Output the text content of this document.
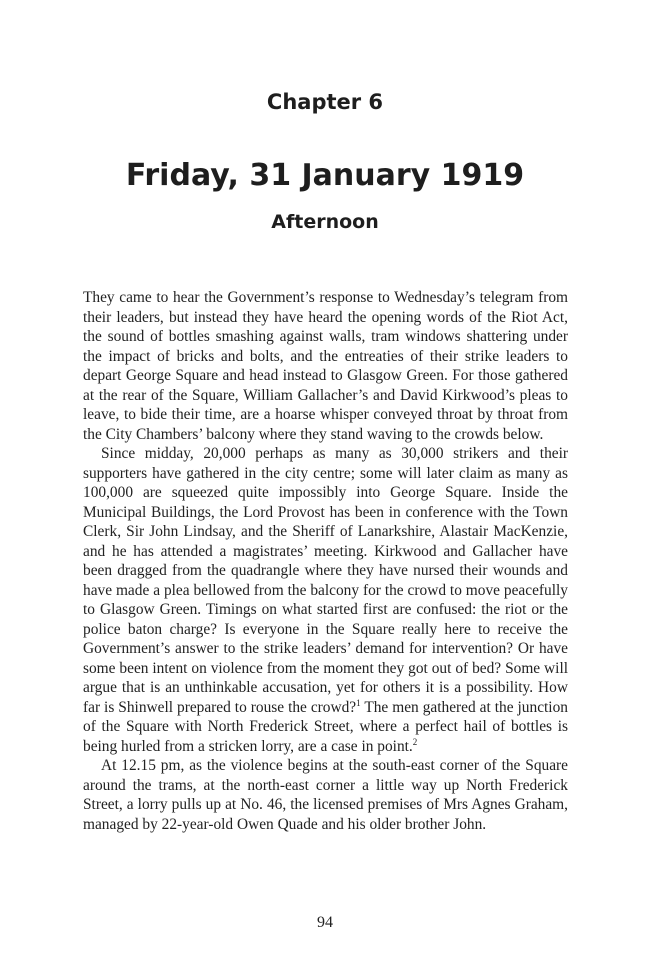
Chapter 6
Friday, 31 January 1919
Afternoon

They came to hear the Government’s response to Wednesday’s telegram from their leaders, but instead they have heard the opening words of the Riot Act, the sound of bottles smashing against walls, tram windows shattering under the impact of bricks and bolts, and the entreaties of their strike leaders to depart George Square and head instead to Glasgow Green. For those gathered at the rear of the Square, William Gallacher’s and David Kirkwood’s pleas to leave, to bide their time, are a hoarse whisper conveyed throat by throat from the City Chambers’ balcony where they stand waving to the crowds below.

Since midday, 20,000 perhaps as many as 30,000 strikers and their supporters have gathered in the city centre; some will later claim as many as 100,000 are squeezed quite impossibly into George Square. Inside the Municipal Buildings, the Lord Provost has been in conference with the Town Clerk, Sir John Lindsay, and the Sheriff of Lanarkshire, Alastair MacKenzie, and he has attended a magistrates’ meeting. Kirkwood and Gallacher have been dragged from the quadrangle where they have nursed their wounds and have made a plea bellowed from the balcony for the crowd to move peacefully to Glasgow Green. Timings on what started first are confused: the riot or the police baton charge? Is everyone in the Square really here to receive the Government’s answer to the strike leaders’ demand for intervention? Or have some been intent on violence from the moment they got out of bed? Some will argue that is an unthinkable accusation, yet for others it is a possibility. How far is Shinwell prepared to rouse the crowd?$^1$ The men gathered at the junction of the Square with North Frederick Street, where a perfect hail of bottles is being hurled from a stricken lorry, are a case in point.$^2$

At 12.15 pm, as the violence begins at the south-east corner of the Square around the trams, at the north-east corner a little way up North Frederick Street, a lorry pulls up at No. 46, the licensed premises of Mrs Agnes Graham, managed by 22-year-old Owen Quade and his older brother John.

94
